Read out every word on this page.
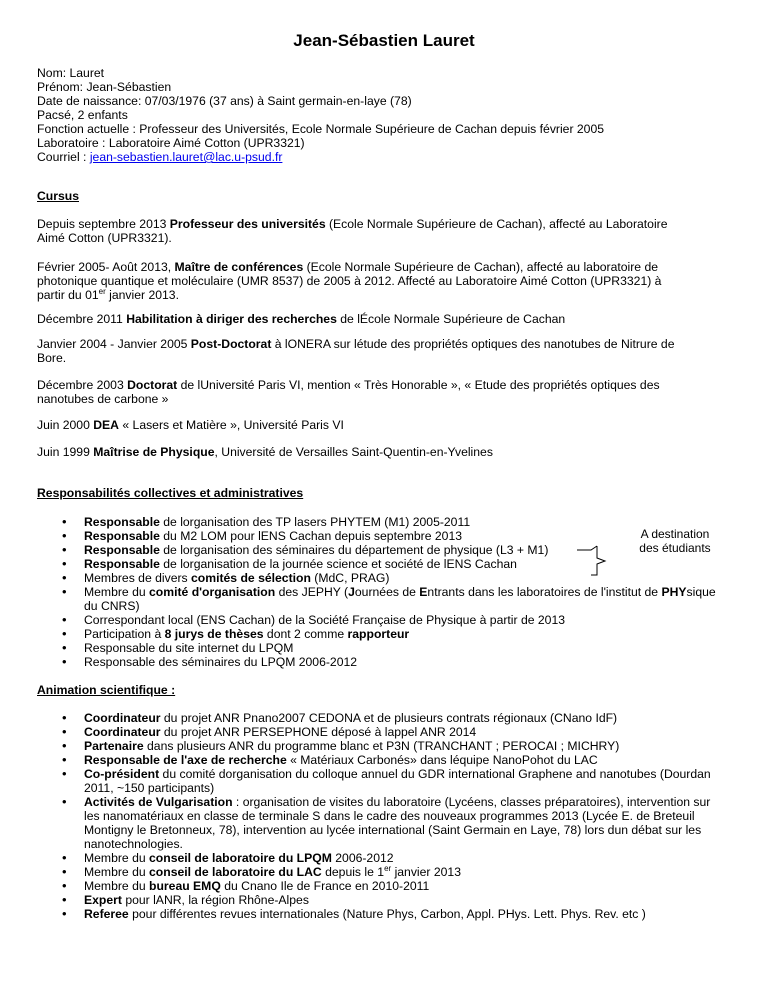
Jean-Sébastien Lauret
Nom: Lauret
Prénom: Jean-Sébastien
Date de naissance: 07/03/1976 (37 ans) à Saint germain-en-laye (78)
Pacsé, 2 enfants
Fonction actuelle : Professeur des Universités, Ecole Normale Supérieure de Cachan depuis février 2005
Laboratoire : Laboratoire Aimé Cotton (UPR3321)
Courriel : jean-sebastien.lauret@lac.u-psud.fr
Cursus
Depuis septembre 2013 Professeur des universités (Ecole Normale Supérieure de Cachan), affecté au Laboratoire
Aimé Cotton (UPR3321).
Février 2005- Août 2013, Maître de conférences (Ecole Normale Supérieure de Cachan), affecté au laboratoire de
photonique quantique et moléculaire (UMR 8537) de 2005 à 2012. Affecté au Laboratoire Aimé Cotton (UPR3321) à
partir du 01er janvier 2013.
Décembre 2011 Habilitation à diriger des recherches de lÉcole Normale Supérieure de Cachan
Janvier 2004 - Janvier 2005 Post-Doctorat à lONERA sur létude des propriétés optiques des nanotubes de Nitrure de
Bore.
Décembre 2003 Doctorat de lUniversité Paris VI, mention « Très Honorable », « Etude des propriétés optiques des
nanotubes de carbone »
Juin 2000 DEA « Lasers et Matière », Université Paris VI
Juin 1999 Maîtrise de Physique, Université de Versailles Saint-Quentin-en-Yvelines
Responsabilités collectives et administratives
• Responsable de lorganisation des TP lasers PHYTEM (M1) 2005-2011
• Responsable du M2 LOM pour lENS Cachan depuis septembre 2013
• Responsable de lorganisation des séminaires du département de physique (L3 + M1)
• Responsable de lorganisation de la journée science et société de lENS Cachan
• Membres de divers comités de sélection (MdC, PRAG)
• Membre du comité d'organisation des JEPHY (Journées de Entrants dans les laboratoires de l'institut de PHYsique du CNRS)
• Correspondant local (ENS Cachan) de la Société Française de Physique à partir de 2013
• Participation à 8 jurys de thèses dont 2 comme rapporteur
• Responsable du site internet du LPQM
• Responsable des séminaires du LPQM 2006-2012
A destination
des étudiants
Animation scientifique :
• Coordinateur du projet ANR Pnano2007 CEDONA et de plusieurs contrats régionaux (CNano IdF)
• Coordinateur du projet ANR PERSEPHONE déposé à lappel ANR 2014
• Partenaire dans plusieurs ANR du programme blanc et P3N (TRANCHANT ; PEROCAI ; MICHRY)
• Responsable de l'axe de recherche « Matériaux Carbonés» dans léquipe NanoPohot du LAC
• Co-président du comité dorganisation du colloque annuel du GDR international Graphene and nanotubes (Dourdan 2011, ~150 participants)
• Activités de Vulgarisation : organisation de visites du laboratoire (Lycéens, classes préparatoires), intervention sur les nanomatériaux en classe de terminale S dans le cadre des nouveaux programmes 2013 (Lycée E. de Breteuil Montigny le Bretonneux, 78), intervention au lycée international (Saint Germain en Laye, 78) lors dun débat sur les nanotechnologies.
• Membre du conseil de laboratoire du LPQM 2006-2012
• Membre du conseil de laboratoire du LAC depuis le 1er janvier 2013
• Membre du bureau EMQ du Cnano Ile de France en 2010-2011
• Expert pour lANR, la région Rhône-Alpes
• Referee pour différentes revues internationales (Nature Phys, Carbon, Appl. PHys. Lett. Phys. Rev. etc )
